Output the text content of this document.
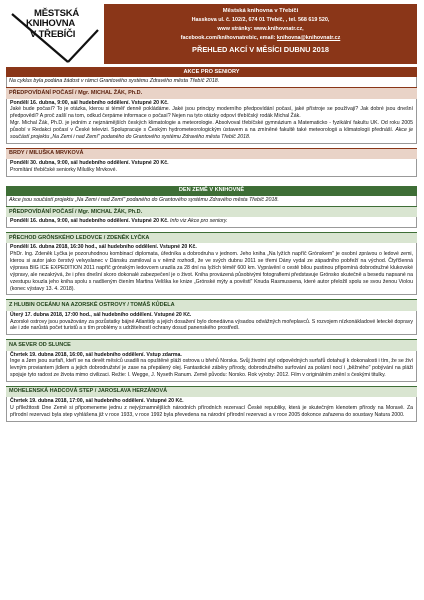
MĚSTSKÁ
KNIHOVNA
V TŘEBÍČI
Městská knihovna v Třebíči
Hasskova ul. č. 102/2, 674 01 Třebíč, , tel. 568 619 520,
www stránky: www.knihovnatr.cz,
facebook.com/knihovnatrebic, email: knihovna@knihovnatr.cz
PŘEHLED AKCÍ V MĚSÍCI DUBNU 2018
AKCE PRO SENIORY
Na cyklus byla podána žádost v rámci Grantového systému Zdravého města Třebíč 2018.
PŘEDPOVÍDÁNÍ POČASÍ / Mgr. MICHAL ŽÁK, Ph.D.
Pondělí 16. dubna, 9:00, sál hudebního oddělení. Vstupné 20 Kč.
Jaké bude počasí? To je otázka, kterou si téměř denně pokládáme. Jaké jsou principy moderního předpovídání počasí, jaké přístroje se používají? Jak dobré jsou dnešní předpovědi? A proč zašlí na tom, odkud čerpáme informace o počasí? Nejen na tyto otázky odpoví třebíčský rodák Michal Žák.
Mgr. Michal Žák, Ph.D. je jedním z nejznámějších českých klimatologie a meteorologie. Absolvoval třebíčské gymnázium a Matematicko - fyzikální fakultu UK. Od roku 2005 působí v Redakci počasí v České televizi. Spolupracuje s Českým hydrometeorologickým ústavem a na zmíněné fakultě také meteorologii a klimatologii přednáší. Akce je součástí projektu „Na Zemi i nad Zemí" podaného do Grantového systému Zdravého města Třebíč 2018.
BRDY / MILUŠKA MRVKOVÁ
Pondělí 30. dubna, 9:00, sál hudebního oddělení. Vstupné 20 Kč.
Promítání třebíčské seniorky Milušky Mrvkové.
DEN ZEMĚ V KNIHOVNĚ
Akce jsou součástí projektu „Na Zemi i nad Zemí" podaného do Grantového systému Zdravého města Třebíč 2018.
PŘEDPOVÍDÁNÍ POČASÍ / Mgr. MICHAL ŽÁK, Ph.D.
Pondělí 16. dubna, 9:00, sál hudebního oddělení. Vstupné 20 Kč. Info viz Akce pro seniory.
PŘECHOD GRÓNSKÉHO LEDOVCE / ZDENĚK LYČKA
Pondělí 16. dubna 2018, 16:30 hod., sál hudebního oddělení. Vstupné 20 Kč.
PhDr. Ing. Zdeněk Lyčka je pozoruhodnou kombinací diplomata, úředníka a dobrodruha v jednom. Jeho kniha „Na lyžích napříč Grónskem" je osobní zprávou o ledové zemi, kterou si autor jako čerstvý velvyslanec v Dánsku zamiloval a v němž rozhodl, že ve svých dubnu 2011 se třemi Dány vydal ze západního pobřeží na východ. Čtyřčlenná výprava BIG ICE EXPEDITION 2011 napříč grónským ledovcem urazila za 28 dní na lyžích téměř 600 km. Vyprávění o cestě bílou pustinou připomíná dobrodružné klukovské výpravy, ale nezakrývá, že i přes dnešní skoro dokonalé zabezpečení je o život. Kniha provázená působivými fotografiemi představuje Grónsko skutečně a besedu napsané na vzestupu kouzla jeho kniha spolu s nadšeným čtením Martina Veliška ke knize „Grónské mýty a pověsti" Knuda Rasmussena, které autor přeložil spolu se svou ženou Violou (konec výstavy 13. 4. 2018).
Z HLUBIN OCEÁNU NA AZORSKÉ OSTROVY / TOMÁŠ KŮDELA
Úterý 17. dubna 2018, 17:00 hod., sál hudebního oddělení. Vstupné 20 Kč.
Azorské ostrovy jsou považovány za pozůstatky bájné Atlantidy a jejich dosažení bylo donedávna výsadou odvážných mořeplavců. S rozvojem nízkonákladové letecké dopravy ale i zde narůstá počet turistů a s tím problémy s udržitelností ochrany dosud panenského prostředí.
NA SEVER OD SLUNCE
Čtvrtek 19. dubna 2018, 16:00, sál hudebního oddělení. Vstup zdarma.
Inge a Jørn jsou surfaři, kteří se na devět měsíců usadili na opuštěné pláži ostrova u břehů Norska. Svůj životní styl odpovědných surfařů dotahují k dokonalosti i tím, že se živí levným proviantem jídlem a jejich dobrodružství je zase na přepálený olej. Fantastické záběry přírody, dobrodružného surfování za polární nocí i „běžného" pobývání na pláži spojuje tyto radost ze života mimo civilizaci. Režie: I. Wegge, J. Nyseth Ranum. Země původu: Norsko. Rok výroby: 2012. Film v originálním znění s českými titulky.
MOHELENSKÁ HADCOVÁ STEP / JAROSLAVA HERZÁNOVÁ
Čtvrtek 19. dubna 2018, 17:00, sál hudebního oddělení. Vstupné 20 Kč.
U příležitosti Dne Země si připomeneme jednu z nejvýznamnějších národních přírodních rezervací České republiky, která je skutečným klenotem přírody na Moravě. Za přírodní rezervaci byla step vyhlášena již v roce 1933, v roce 1992 byla převedena na národní přírodní rezervaci a v roce 2005 dokonce zařazena do soustavy Natura 2000.
